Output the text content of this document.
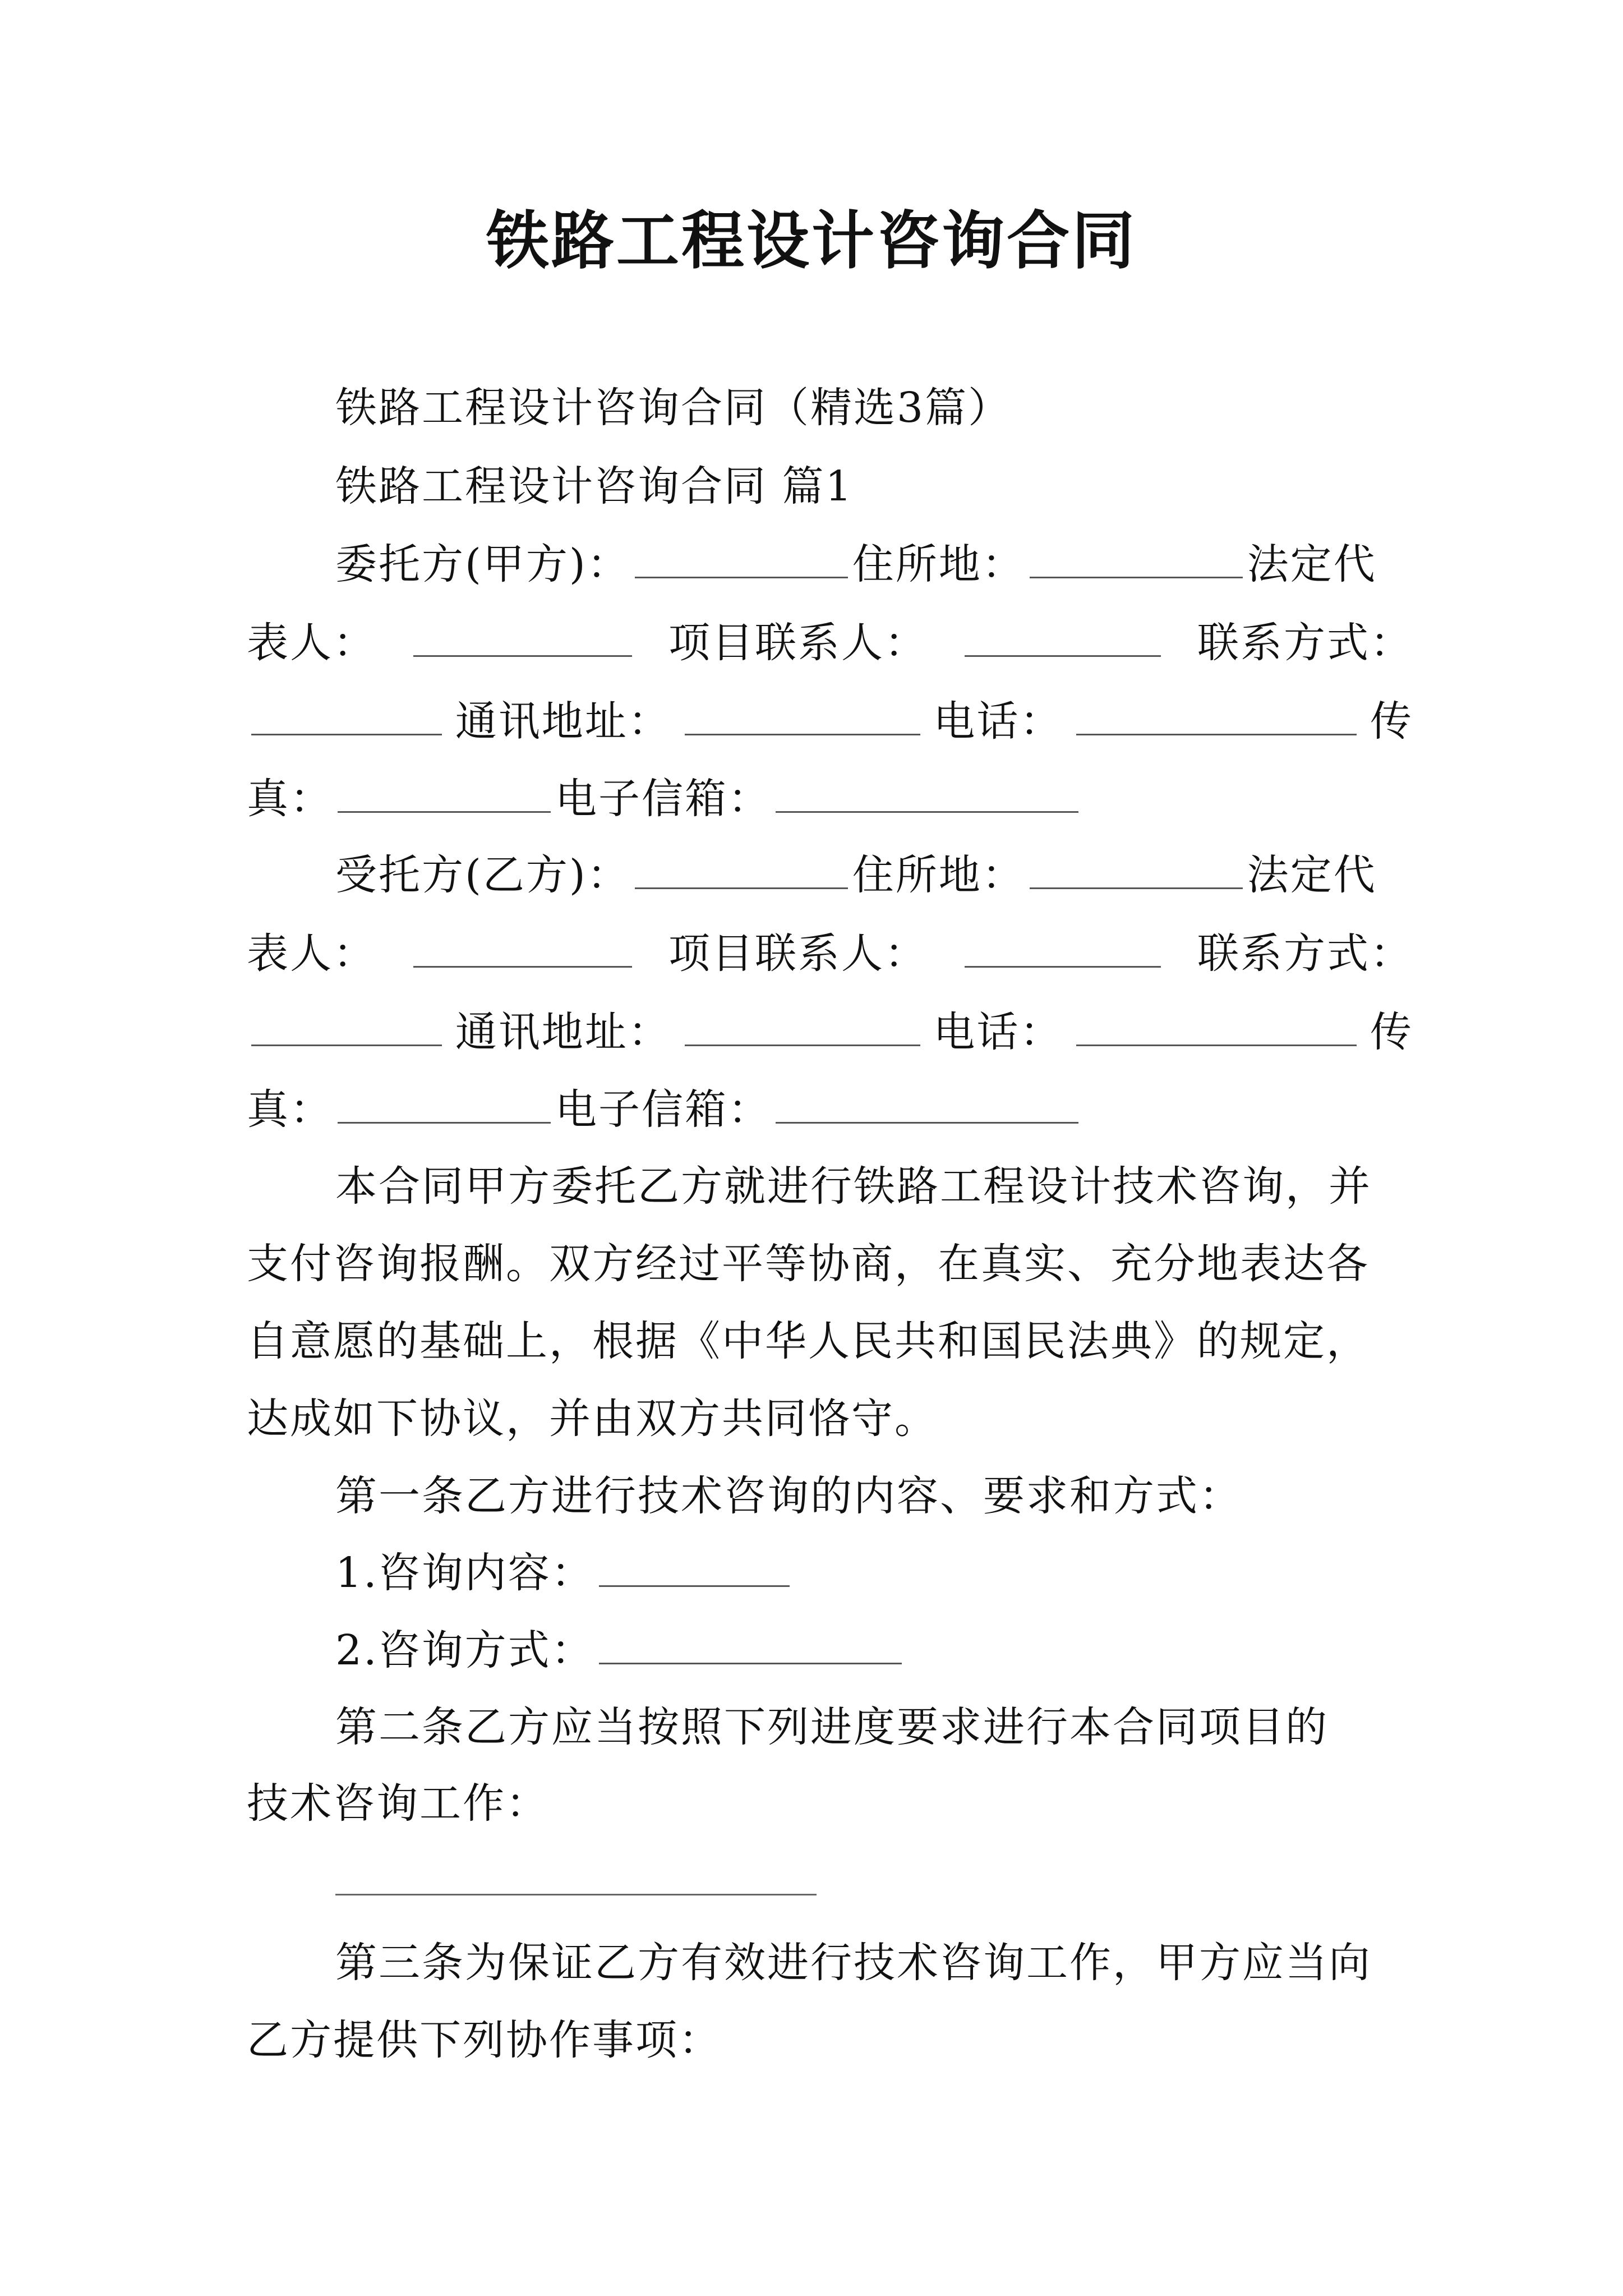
铁路工程设计咨询合同
铁路工程设计咨询合同（精选3篇）
铁路工程设计咨询合同 篇1
委托方(甲方)：	住所地：	法定代
表人：	项目联系人：	联系方式：
通讯地址：	电话：	传
真：	电子信箱：
受托方(乙方)：	住所地：	法定代
表人：	项目联系人：	联系方式：
通讯地址：	电话：	传
真：	电子信箱：
本合同甲方委托乙方就进行铁路工程设计技术咨询，并
支付咨询报酬。双方经过平等协商，在真实、充分地表达各
自意愿的基础上，根据《中华人民共和国民法典》的规定，
达成如下协议，并由双方共同恪守。
第一条乙方进行技术咨询的内容、要求和方式：
1.咨询内容：
2.咨询方式：
第二条乙方应当按照下列进度要求进行本合同项目的
技术咨询工作：
第三条为保证乙方有效进行技术咨询工作，甲方应当向
乙方提供下列协作事项：
